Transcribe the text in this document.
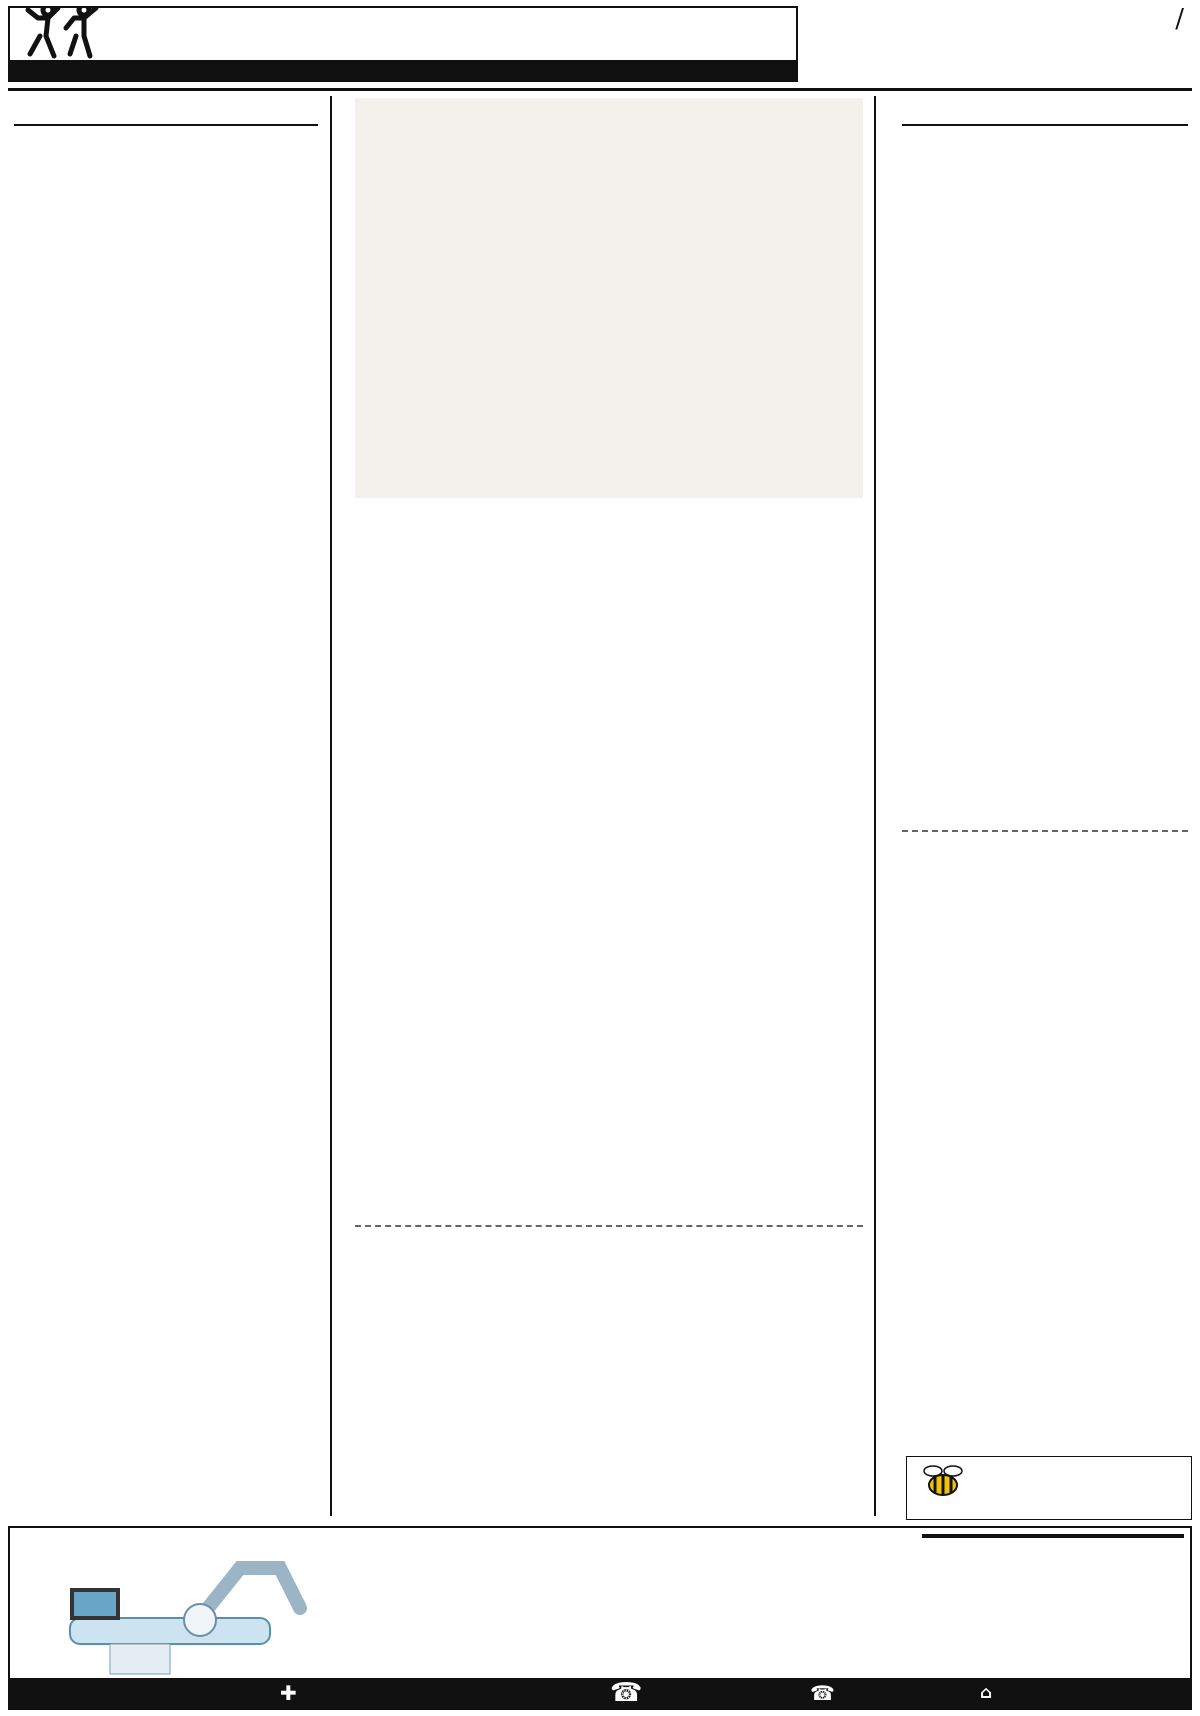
/

✚	☎	☎	⌂
